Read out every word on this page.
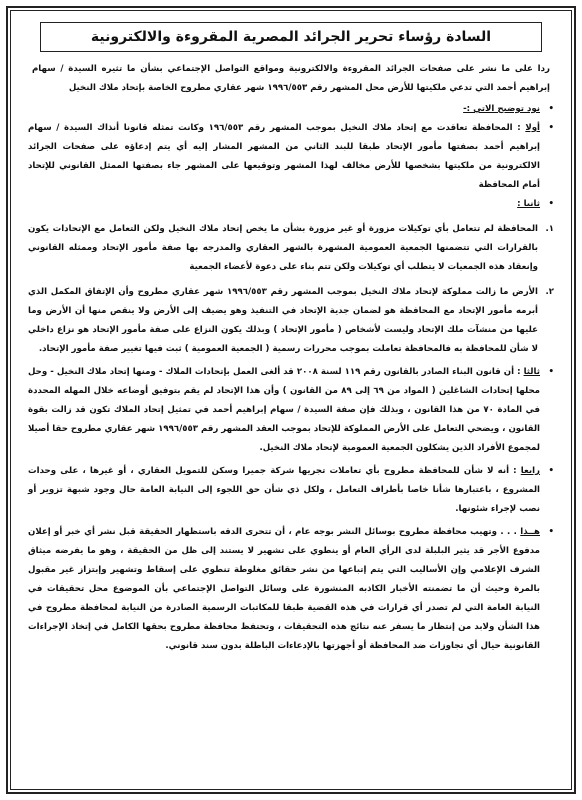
السادة رؤساء تحرير الجرائد المصرية المقروءة والالكترونية
ردا على ما نشر على صفحات الجرائد المقروءة والالكترونية ومواقع التواصل الإجتماعي بشأن ما تثيره السيدة / سهام إبراهيم أحمد التي تدعي ملكيتها للأرض محل المشهر رقم ١٩٩٦/٥٥٣ شهر عقاري مطروح الخاصة بإتحاد ملاك النخيل
•
نود توضيح الاتي :-
•
أولا : المحافظة تعاقدت مع إتحاد ملاك النخيل بموجب المشهر رقم ١٩٦/٥٥٣ وكانت تمثله قانونا أنذاك السيدة / سهام إبراهيم أحمد بصفتها مأمور الإتحاد طبقا للبند الثاني من المشهر المشار إليه أي يتم إدعاؤه على صفحات الجرائد الالكترونية من ملكيتها بشخصها للأرض مخالف لهذا المشهر وتوقيعها على المشهر جاء بصفتها الممثل القانوني للإتحاد أمام المحافظة
•
ثانيا :
١.
المحافظة لم تتعامل بأي توكيلات مزورة أو غير مزورة بشأن ما يخص إتحاد ملاك النخيل ولكن التعامل مع الإتحادات يكون بالقرارات التي تتضمنها الجمعية العمومية المشهرة بالشهر العقاري والمدرجه بها صفة مأمور الإتحاد وممثله القانوني وإنعقاد هذه الجمعيات لا يتطلب أي توكيلات ولكن تتم بناء على دعوة لأعضاء الجمعية
٢.
الأرض ما زالت مملوكة لإتحاد ملاك النخيل بموجب المشهر رقم ١٩٩٦/٥٥٣ شهر عقاري مطروح وأن الإتفاق المكمل الذي أبرمه مأمور الإتحاد مع المحافظة هو لضمان جدية الإتحاد في التنفيذ وهو يضيف إلى الأرض ولا ينقص منها أن الأرض وما عليها من منشآت ملك الإتحاد وليست لأشخاص ( مأمور الإتحاد ) وبذلك يكون النزاع على صفة مأمور الإتحاد هو نزاع داخلي لا شأن للمحافظة به فالمحافظة تعاملت بموجب محررات رسمية ( الجمعية العمومية ) ثبت فيها تغيير صفة مأمور الإتحاد.
•
ثالثا : أن قانون البناء الصادر بالقانون رقم ١١٩ لسنة ٢٠٠٨ قد ألغى العمل بإتحادات الملاك - ومنها إتحاد ملاك النخيل - وحل محلها إتحادات الشاغلين ( المواد من ٦٩ إلى ٨٩ من القانون ) وأن هذا الإتحاد لم يقم بتوفيق أوضاعه خلال المهله المحددة في المادة ٧٠ من هذا القانون ، وبذلك فإن صفة السيدة / سهام إبراهيم أحمد في تمثيل إتحاد الملاك تكون قد زالت بقوة القانون ، ويضحي التعامل على الأرض المملوكة للإتحاد بموجب العقد المشهر رقم ١٩٩٦/٥٥٣ شهر عقاري مطروح حقا أصيلا لمجموع الأفراد الذين يشكلون الجمعية العمومية لإتحاد ملاك النخيل.
•
رابعا : أنه لا شأن للمحافظة مطروح بأي تعاملات تجريها شركة جميرا وسكن للتمويل العقاري ، أو غيرها ، على وحدات المشروع ، باعتبارها شأنا خاصا بأطراف التعامل ، ولكل ذي شأن حق اللجوء إلى النيابة العامة حال وجود شبهة تزوير أو نصب لإجراء شئونها.
•
هــذا . . . وتهيب محافظة مطروح بوسائل النشر بوجه عام ، أن تتحرى الدقه باستظهار الحقيقة قبل نشر أي خبر أو إعلان مدفوع الأجر قد يثير البلبلة لدى الرأي العام أو ينطوي على تشهير لا يستند إلى ظل من الحقيقة ، وهو ما يفرضه ميثاق الشرف الإعلامي وإن الأساليب التي يتم إتباعها من نشر حقائق مغلوطة تنطوي على إسقاط وتشهير وإبتزاز غير مقبول بالمرة وحيث أن ما تضمنته الأخبار الكاذبه المنشورة على وسائل التواصل الإجتماعي بأن الموضوع محل تحقيقات في النيابة العامة التي لم تصدر أي قرارات في هذه القضية طبقا للمكاتبات الرسمية الصادرة من النيابة لمحافظة مطروح في هذا الشأن ولابد من إنتظار ما يسفر عنه نتائج هذه التحقيقات ، وتحتفظ محافظة مطروح بحقها الكامل في إتخاذ الإجراءات القانونية حيال أي تجاوزات ضد المحافظة أو أجهزتها بالإدعاءات الباطلة بدون سند قانوني.
